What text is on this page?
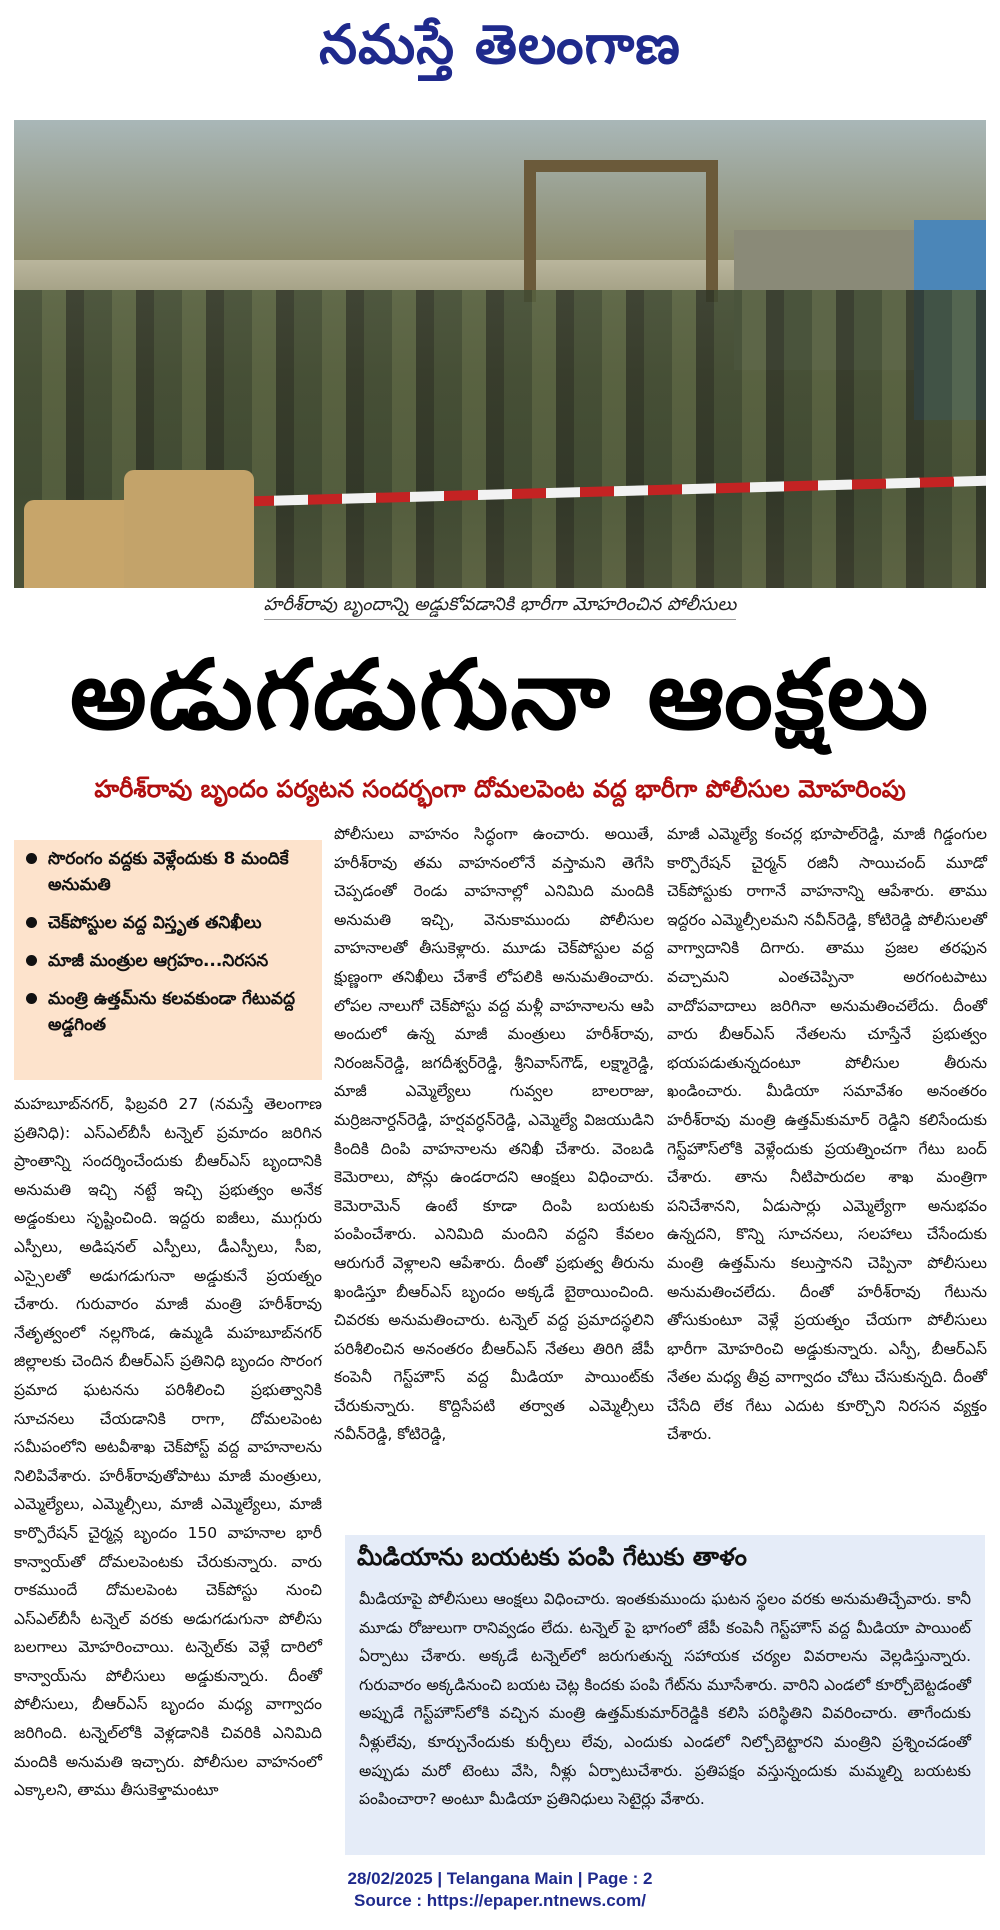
నమస్తే తెలంగాణ
హరీశ్‌రావు బృందాన్ని అడ్డుకోవడానికి భారీగా మోహరించిన పోలీసులు
అడుగడుగునా ఆంక్షలు
హరీశ్‌రావు బృందం పర్యటన సందర్భంగా దోమలపెంట వద్ద భారీగా పోలీసుల మోహరింపు
సొరంగం వద్దకు వెళ్లేందుకు 8 మందికే అనుమతి
చెక్‌పోస్టుల వద్ద విస్తృత తనిఖీలు
మాజీ మంత్రుల ఆగ్రహం...నిరసన
మంత్రి ఉత్తమ్‌ను కలవకుండా గేటువద్ద అడ్డగింత
మహబూబ్‌నగర్, ఫిబ్రవరి 27 (నమస్తే తెలంగాణ ప్రతినిధి): ఎస్‌ఎల్‌బీసీ టన్నెల్ ప్రమాదం జరిగిన ప్రాంతాన్ని సందర్శించేందుకు బీఆర్‌ఎస్ బృందానికి అనుమతి ఇచ్చి నట్టే ఇచ్చి ప్రభుత్వం అనేక అడ్డంకులు సృష్టించింది. ఇద్దరు ఐజీలు, ముగ్గురు ఎస్పీలు, అడిషనల్ ఎస్పీలు, డీఎస్పీలు, సీఐ, ఎస్సైలతో అడుగడుగునా అడ్డుకునే ప్రయత్నం చేశారు. గురువారం మాజీ మంత్రి హరీశ్‌రావు నేతృత్వంలో నల్లగొండ, ఉమ్మడి మహబూబ్‌నగర్ జిల్లాలకు చెందిన బీఆర్‌ఎస్ ప్రతినిధి బృందం సొరంగ ప్రమాద ఘటనను పరిశీలించి ప్రభుత్వానికి సూచనలు చేయడానికి రాగా, దోమలపెంట సమీపంలోని అటవీశాఖ చెక్‌పోస్ట్ వద్ద వాహనాలను నిలిపివేశారు. హరీశ్‌రావుతోపాటు మాజీ మంత్రులు, ఎమ్మెల్యేలు, ఎమ్మెల్సీలు, మాజీ ఎమ్మెల్యేలు, మాజీ కార్పొరేషన్ చైర్మన్ల బృందం 150 వాహనాల భారీ కాన్వాయ్‌తో దోమలపెంటకు చేరుకున్నారు. వారు రాకముందే దోమలపెంట చెక్‌పోస్టు నుంచి ఎస్‌ఎల్‌బీసీ టన్నెల్ వరకు అడుగడుగునా పోలీసు బలగాలు మోహరించాయి. టన్నెల్‌కు వెళ్లే దారిలో కాన్వాయ్‌ను పోలీసులు అడ్డుకున్నారు. దీంతో పోలీసులు, బీఆర్‌ఎస్ బృందం మధ్య వాగ్వాదం జరిగింది. టన్నెల్‌లోకి వెళ్లడానికి చివరికి ఎనిమిది మందికి అనుమతి ఇచ్చారు. పోలీసుల వాహనంలో ఎక్కాలని, తాము తీసుకెళ్తామంటూ
పోలీసులు వాహనం సిద్ధంగా ఉంచారు. అయితే, హరీశ్‌రావు తమ వాహనంలోనే వస్తామని తెగేసి చెప్పడంతో రెండు వాహనాల్లో ఎనిమిది మందికి అనుమతి ఇచ్చి, వెనుకాముందు పోలీసుల వాహనాలతో తీసుకెళ్లారు. మూడు చెక్‌పోస్టుల వద్ద క్షుణ్ణంగా తనిఖీలు చేశాకే లోపలికి అనుమతించారు. లోపల నాలుగో చెక్‌పోస్టు వద్ద మళ్లీ వాహనాలను ఆపి అందులో ఉన్న మాజీ మంత్రులు హరీశ్‌రావు, నిరంజన్‌రెడ్డి, జగదీశ్వర్‌రెడ్డి, శ్రీనివాస్‌గౌడ్, లక్ష్మారెడ్డి, మాజీ ఎమ్మెల్యేలు గువ్వల బాలరాజు, మర్రిజనార్దన్‌రెడ్డి, హర్షవర్ధన్‌రెడ్డి, ఎమ్మెల్యే విజయుడిని కిందికి దింపి వాహనాలను తనిఖీ చేశారు. వెంబడి కెమెరాలు, పోన్లు ఉండరాదని ఆంక్షలు విధించారు. కెమెరామెన్ ఉంటే కూడా దింపి బయటకు పంపించేశారు. ఎనిమిది మందిని వద్దని కేవలం ఆరుగురే వెళ్లాలని ఆపేశారు. దీంతో ప్రభుత్వ తీరును ఖండిస్తూ బీఆర్‌ఎస్ బృందం అక్కడే బైఠాయించింది. చివరకు అనుమతించారు. టన్నెల్ వద్ద ప్రమాదస్థలిని పరిశీలించిన అనంతరం బీఆర్‌ఎస్ నేతలు తిరిగి జేపీ కంపెనీ గెస్ట్‌హౌస్ వద్ద మీడియా పాయింట్‌కు చేరుకున్నారు. కొద్దిసేపటి తర్వాత ఎమ్మెల్సీలు నవీన్‌రెడ్డి, కోటిరెడ్డి,
మాజీ ఎమ్మెల్యే కంచర్ల భూపాల్‌రెడ్డి, మాజీ గిడ్డంగుల కార్పొరేషన్ చైర్మన్ రజినీ సాయిచంద్ మూడో చెక్‌పోస్టుకు రాగానే వాహనాన్ని ఆపేశారు. తాము ఇద్దరం ఎమ్మెల్సీలమని నవీన్‌రెడ్డి, కోటిరెడ్డి పోలీసులతో వాగ్వాదానికి దిగారు. తాము ప్రజల తరఫున వచ్చామని ఎంతచెప్పినా అరగంటపాటు వాదోపవాదాలు జరిగినా అనుమతించలేదు. దీంతో వారు బీఆర్‌ఎస్ నేతలను చూస్తేనే ప్రభుత్వం భయపడుతున్నదంటూ పోలీసుల తీరును ఖండించారు. మీడియా సమావేశం అనంతరం హరీశ్‌రావు మంత్రి ఉత్తమ్‌కుమార్ రెడ్డిని కలిసేందుకు గెస్ట్‌హౌస్‌లోకి వెళ్లేందుకు ప్రయత్నించగా గేటు బంద్ చేశారు. తాను నీటిపారుదల శాఖ మంత్రిగా పనిచేశానని, ఏడుసార్లు ఎమ్మెల్యేగా అనుభవం ఉన్నదని, కొన్ని సూచనలు, సలహాలు చేసేందుకు మంత్రి ఉత్తమ్‌ను కలుస్తానని చెప్పినా పోలీసులు అనుమతించలేదు. దీంతో హరీశ్‌రావు గేటును తోసుకుంటూ వెళ్లే ప్రయత్నం చేయగా పోలీసులు భారీగా మోహరించి అడ్డుకున్నారు. ఎస్పీ, బీఆర్‌ఎస్ నేతల మధ్య తీవ్ర వాగ్వాదం చోటు చేసుకున్నది. దీంతో చేసేది లేక గేటు ఎదుట కూర్చొని నిరసన వ్యక్తం చేశారు.
మీడియాను బయటకు పంపి గేటుకు తాళం
మీడియాపై పోలీసులు ఆంక్షలు విధించారు. ఇంతకుముందు ఘటన స్థలం వరకు అనుమతిచ్చేవారు. కానీ మూడు రోజులుగా రానివ్వడం లేదు. టన్నెల్ పై భాగంలో జేపీ కంపెనీ గెస్ట్‌హౌస్ వద్ద మీడియా పాయింట్ ఏర్పాటు చేశారు. అక్కడే టన్నెల్‌లో జరుగుతున్న సహాయక చర్యల వివరాలను వెల్లడిస్తున్నారు. గురువారం అక్కడినుంచి బయట చెట్ల కిందకు పంపి గేట్‌ను మూసేశారు. వారిని ఎండలో కూర్చోబెట్టడంతో అప్పుడే గెస్ట్‌హౌస్‌లోకి వచ్చిన మంత్రి ఉత్తమ్‌కుమార్‌రెడ్డికి కలిసి పరిస్థితిని వివరించారు. తాగేందుకు నీళ్లులేవు, కూర్చునేందుకు కుర్చీలు లేవు, ఎందుకు ఎండలో నిల్చోబెట్టారని మంత్రిని ప్రశ్నించడంతో అప్పుడు మరో టెంటు వేసి, నీళ్లు ఏర్పాటుచేశారు. ప్రతిపక్షం వస్తున్నందుకు మమ్మల్ని బయటకు పంపించారా? అంటూ మీడియా ప్రతినిధులు సెటైర్లు వేశారు.
28/02/2025 | Telangana Main | Page : 2
Source : https://epaper.ntnews.com/
